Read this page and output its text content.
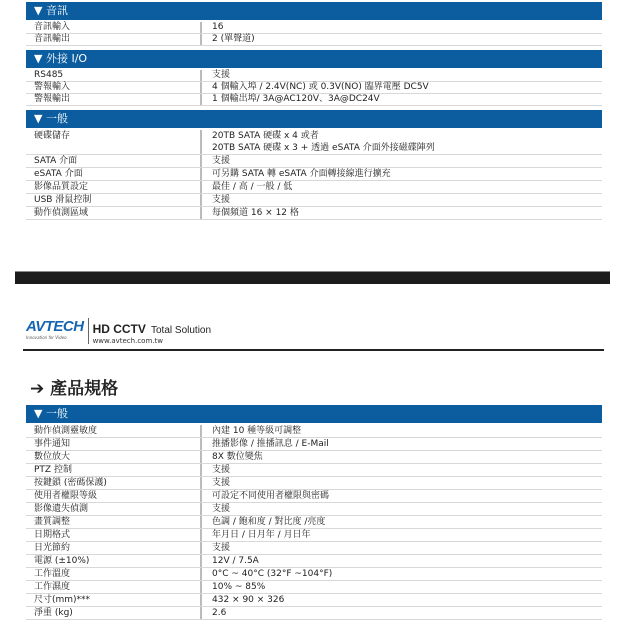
▼ 音訊
音訊輸入	16
音訊輸出	2 (單聲道)
▼ 外接 I/O
RS485	支援
警報輸入	4 個輸入埠 / 2.4V(NC) 或 0.3V(NO) 臨界電壓 DC5V
警報輸出	1 個輸出埠/ 3A@AC120V、3A@DC24V
▼ 一般
硬碟儲存	20TB SATA 硬碟 x 4 或者
20TB SATA 硬碟 x 3 + 透過 eSATA 介面外接磁碟陣列
SATA 介面	支援
eSATA 介面	可另購 SATA 轉 eSATA 介面轉接線進行擴充
影像品質設定	最佳 / 高 / 一般 / 低
USB 滑鼠控制	支援
動作偵測區域	每個頻道 16 × 12 格
AVTECH
Innovation for Video
HD CCTV Total Solution
www.avtech.com.tw
➔ 產品規格
▼ 一般
動作偵測靈敏度	內建 10 種等級可調整
事件通知	推播影像 / 推播訊息 / E-Mail
數位放大	8X 數位變焦
PTZ 控制	支援
按鍵鎖 (密碼保護)	支援
使用者權限等級	可設定不同使用者權限與密碼
影像遺失偵測	支援
畫質調整	色調 / 飽和度 / 對比度 /亮度
日期格式	年月日 / 日月年 / 月日年
日光節約	支援
電源 (±10%)	12V / 7.5A
工作溫度	0°C ~ 40°C (32°F ~104°F)
工作濕度	10% ~ 85%
尺寸(mm)***	432 × 90 × 326
淨重 (kg)	2.6
